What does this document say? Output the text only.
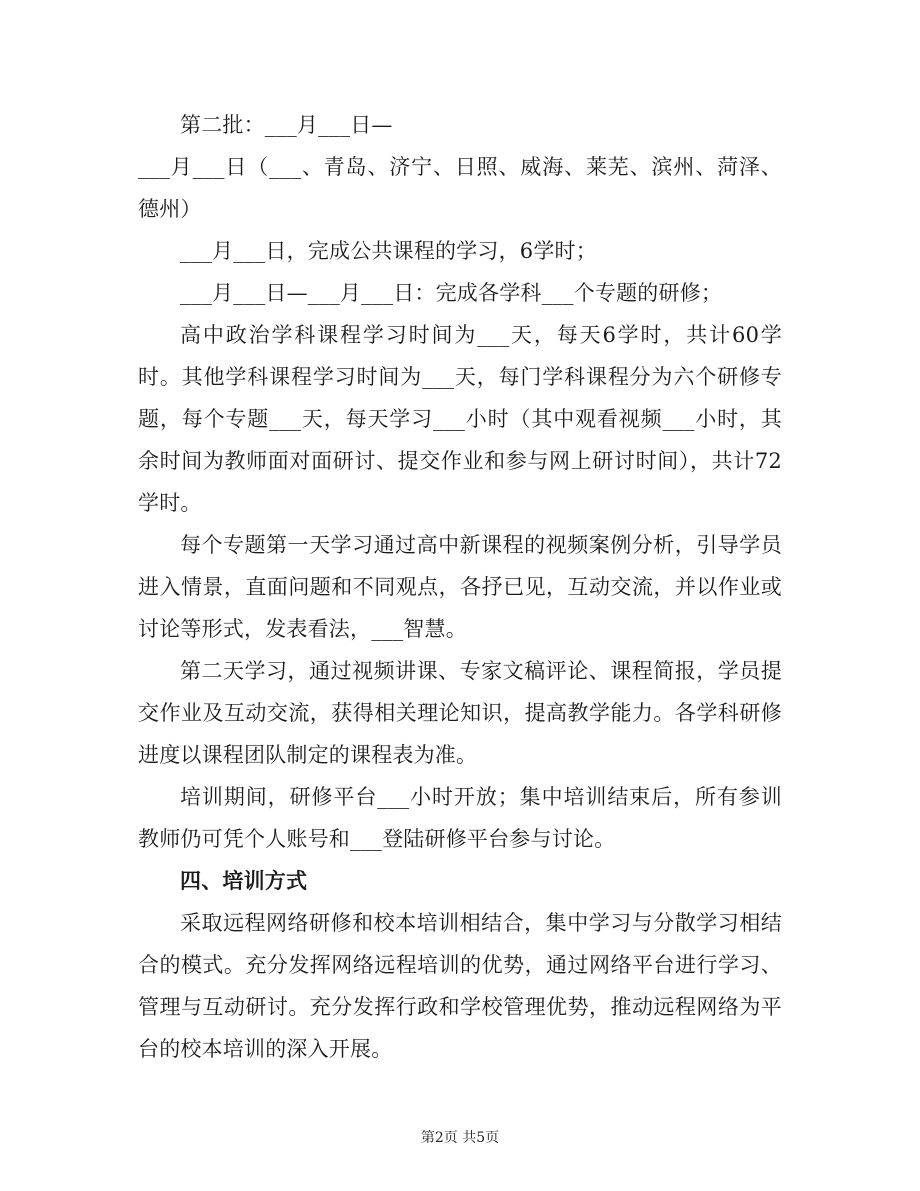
第二批：___月___日—

___月___日（___、青岛、济宁、日照、威海、莱芜、滨州、菏泽、德州）

___月___日，完成公共课程的学习，6学时；

___月___日—___月___日：完成各学科___个专题的研修；

高中政治学科课程学习时间为___天，每天6学时，共计60学时。其他学科课程学习时间为___天，每门学科课程分为六个研修专题，每个专题___天，每天学习___小时（其中观看视频___小时，其余时间为教师面对面研讨、提交作业和参与网上研讨时间），共计72学时。

每个专题第一天学习通过高中新课程的视频案例分析，引导学员进入情景，直面问题和不同观点，各抒已见，互动交流，并以作业或讨论等形式，发表看法，___智慧。

第二天学习，通过视频讲课、专家文稿评论、课程简报，学员提交作业及互动交流，获得相关理论知识，提高教学能力。各学科研修进度以课程团队制定的课程表为准。

培训期间，研修平台___小时开放；集中培训结束后，所有参训教师仍可凭个人账号和___登陆研修平台参与讨论。

四、培训方式

采取远程网络研修和校本培训相结合，集中学习与分散学习相结合的模式。充分发挥网络远程培训的优势，通过网络平台进行学习、管理与互动研讨。充分发挥行政和学校管理优势，推动远程网络为平台的校本培训的深入开展。

第2页 共5页
